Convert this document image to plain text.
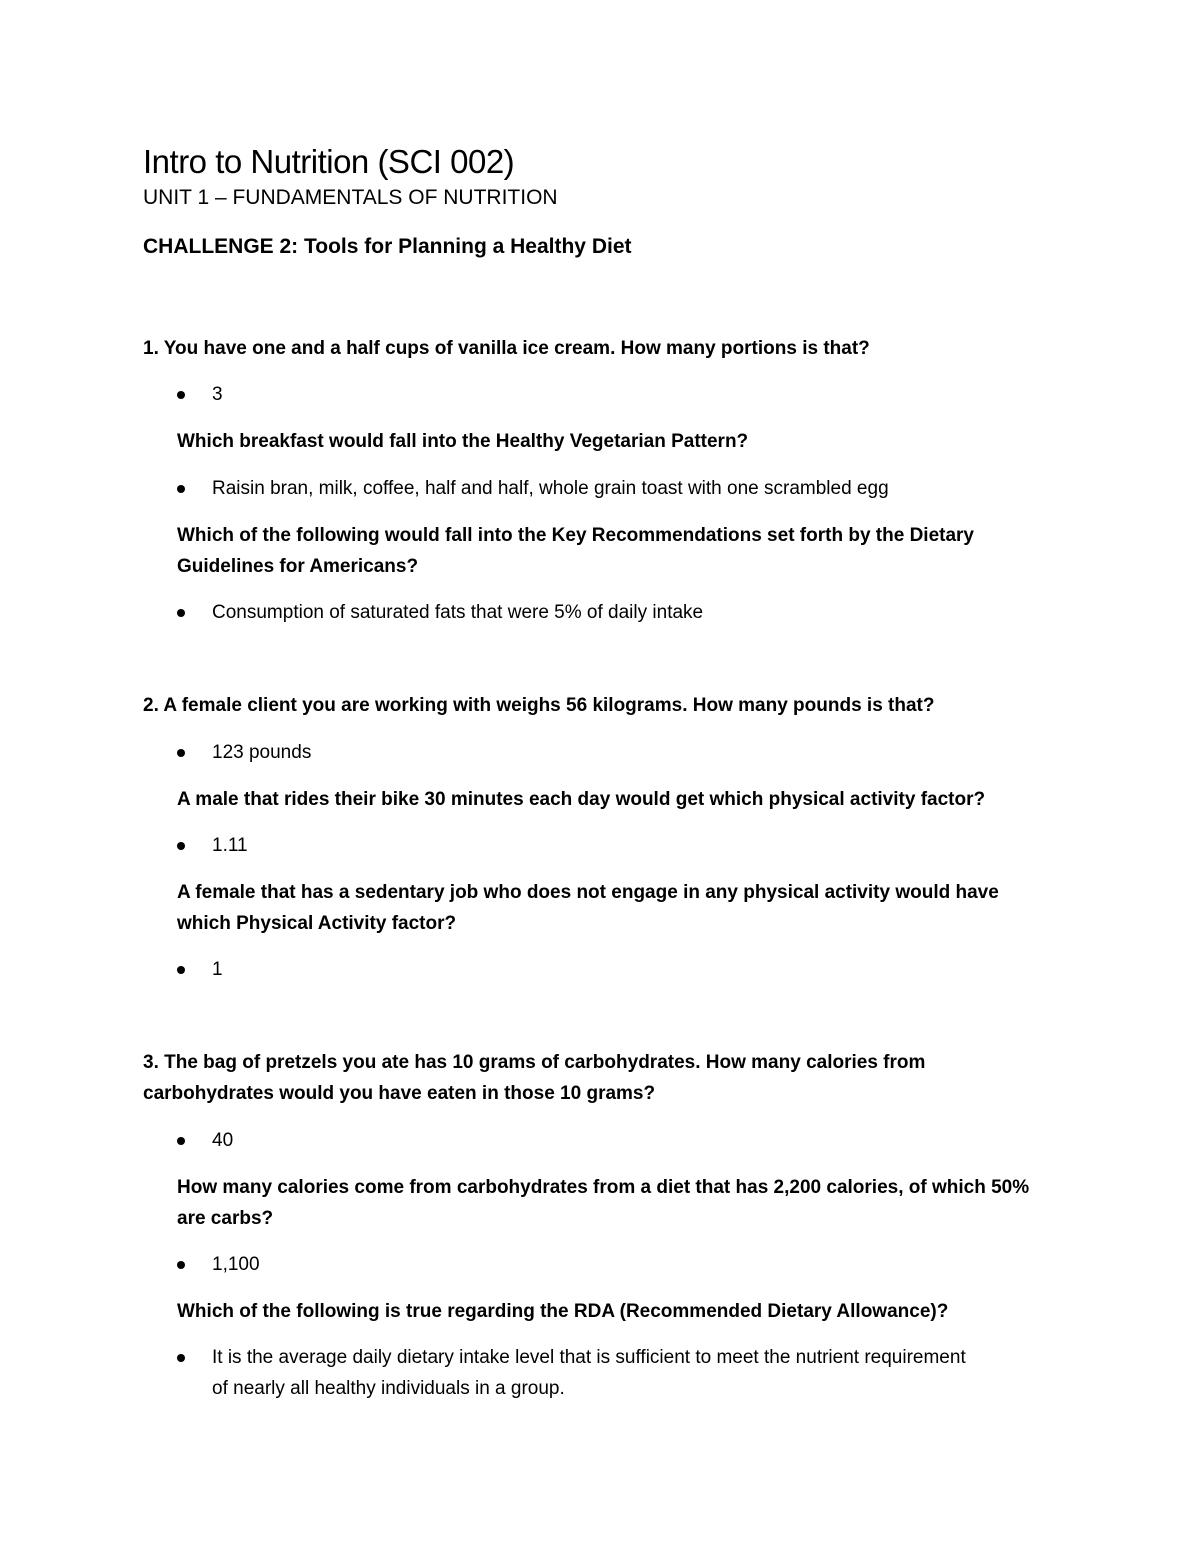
Intro to Nutrition (SCI 002)
UNIT 1 – FUNDAMENTALS OF NUTRITION
CHALLENGE 2: Tools for Planning a Healthy Diet
1. You have one and a half cups of vanilla ice cream. How many portions is that?
3
Which breakfast would fall into the Healthy Vegetarian Pattern?
Raisin bran, milk, coffee, half and half, whole grain toast with one scrambled egg
Which of the following would fall into the Key Recommendations set forth by the Dietary Guidelines for Americans?
Consumption of saturated fats that were 5% of daily intake
2. A female client you are working with weighs 56 kilograms. How many pounds is that?
123 pounds
A male that rides their bike 30 minutes each day would get which physical activity factor?
1.11
A female that has a sedentary job who does not engage in any physical activity would have which Physical Activity factor?
1
3. The bag of pretzels you ate has 10 grams of carbohydrates. How many calories from carbohydrates would you have eaten in those 10 grams?
40
How many calories come from carbohydrates from a diet that has 2,200 calories, of which 50% are carbs?
1,100
Which of the following is true regarding the RDA (Recommended Dietary Allowance)?
It is the average daily dietary intake level that is sufficient to meet the nutrient requirement of nearly all healthy individuals in a group.
